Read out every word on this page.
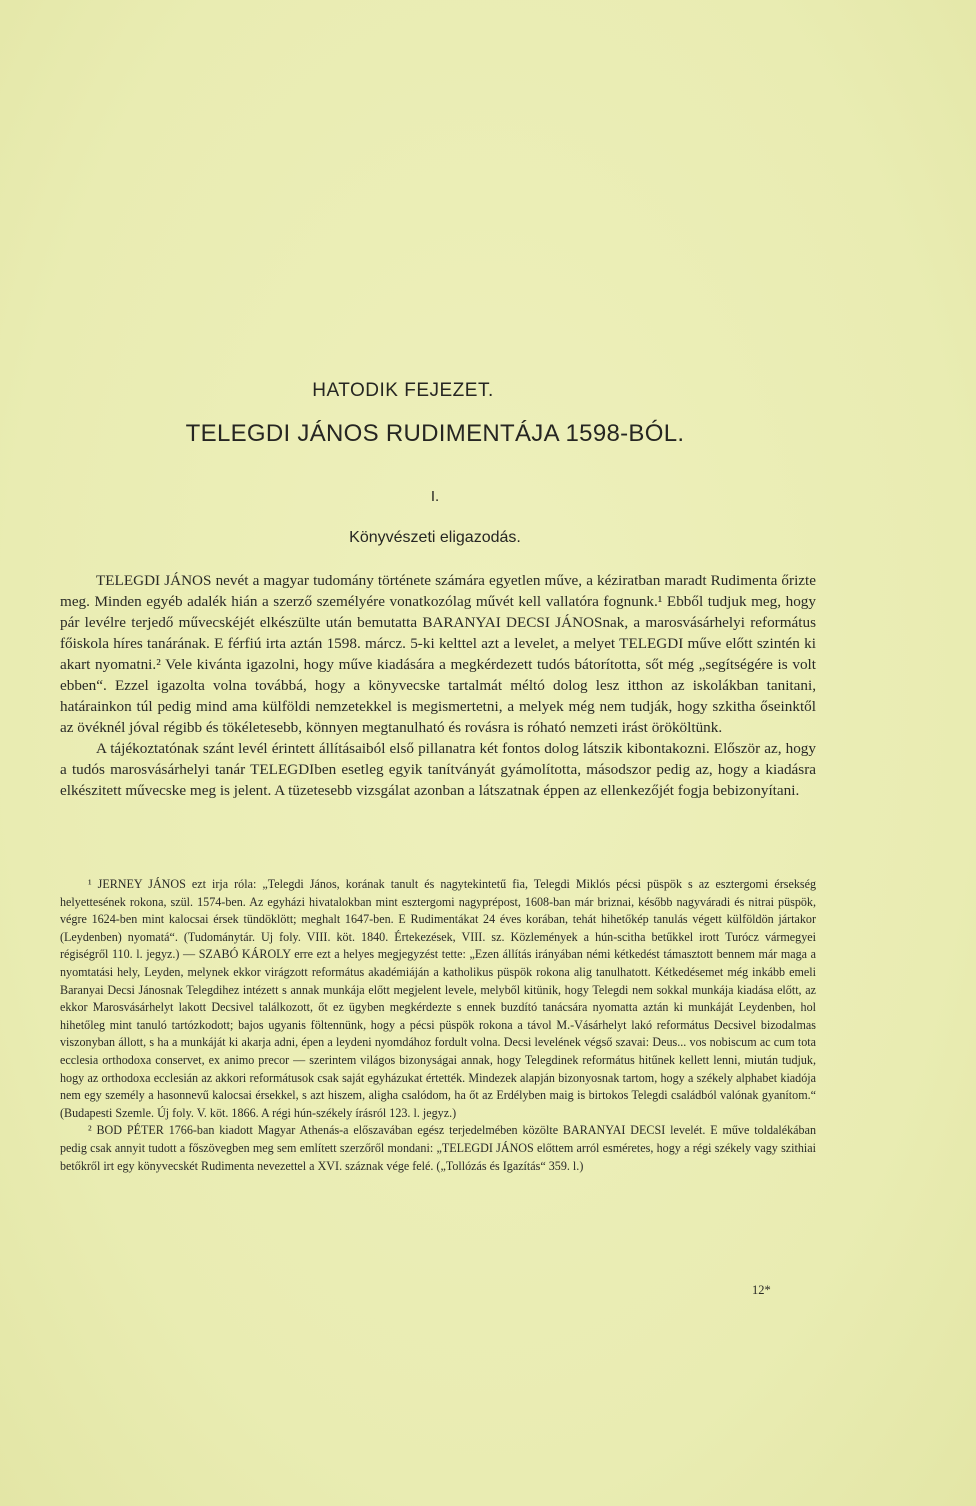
HATODIK FEJEZET.
TELEGDI JÁNOS RUDIMENTÁJA 1598-BÓL.
I.
Könyvészeti eligazodás.

TELEGDI JÁNOS nevét a magyar tudomány története számára egyetlen műve, a kéziratban maradt Rudimenta őrizte meg. Minden egyéb adalék hián a szerző személyére vonatkozólag művét kell vallatóra fognunk.¹ Ebből tudjuk meg, hogy pár levélre terjedő művecskéjét elkészülte után bemutatta BARANYAI DECSI JÁNOSnak, a marosvásárhelyi református főiskola híres tanárának. E férfiú irta aztán 1598. márcz. 5-ki kelttel azt a levelet, a melyet TELEGDI műve előtt szintén ki akart nyomatni.² Vele kivánta igazolni, hogy műve kiadására a megkérdezett tudós bátorította, sőt még „segítségére is volt ebben“. Ezzel igazolta volna továbbá, hogy a könyvecske tartalmát méltó dolog lesz itthon az iskolákban tanitani, határainkon túl pedig mind ama külföldi nemzetekkel is megismertetni, a melyek még nem tudják, hogy szkitha őseinktől az övéknél jóval régibb és tökéletesebb, könnyen megtanulható és rovásra is róható nemzeti irást örököltünk.

A tájékoztatónak szánt levél érintett állításaiból első pillanatra két fontos dolog látszik kibontakozni. Először az, hogy a tudós marosvásárhelyi tanár TELEGDIben esetleg egyik tanítványát gyámolította, másodszor pedig az, hogy a kiadásra elkészitett művecske meg is jelent. A tüzetesebb vizsgálat azonban a látszatnak éppen az ellenkezőjét fogja bebizonyítani.

¹ JERNEY JÁNOS ezt irja róla: „Telegdi János, korának tanult és nagytekintetű fia, Telegdi Miklós pécsi püspök s az esztergomi érsekség helyettesének rokona, szül. 1574-ben. Az egyházi hivatalokban mint esztergomi nagyprépost, 1608-ban már briznai, később nagyváradi és nitrai püspök, végre 1624-ben mint kalocsai érsek tündöklött; meghalt 1647-ben. E Rudimentákat 24 éves korában, tehát hihetőkép tanulás végett külföldön jártakor (Leydenben) nyomatá“. (Tudománytár. Uj foly. VIII. köt. 1840. Értekezések, VIII. sz. Közlemények a hún-scitha betűkkel irott Turócz vármegyei régiségről 110. l. jegyz.) — SZABÓ KÁROLY erre ezt a helyes megjegyzést tette: „Ezen állítás irányában némi kétkedést támasztott bennem már maga a nyomtatási hely, Leyden, melynek ekkor virágzott református akadémiáján a katholikus püspök rokona alig tanulhatott. Kétkedésemet még inkább emeli Baranyai Decsi Jánosnak Telegdihez intézett s annak munkája előtt megjelent levele, melyből kitünik, hogy Telegdi nem sokkal munkája kiadása előtt, az ekkor Marosvásárhelyt lakott Decsivel találkozott, őt ez ügyben megkérdezte s ennek buzdító tanácsára nyomatta aztán ki munkáját Leydenben, hol hihetőleg mint tanuló tartózkodott; bajos ugyanis föltennünk, hogy a pécsi püspök rokona a távol M.-Vásárhelyt lakó református Decsivel bizodalmas viszonyban állott, s ha a munkáját ki akarja adni, épen a leydeni nyomdához fordult volna. Decsi levelének végső szavai: Deus... vos nobiscum ac cum tota ecclesia orthodoxa conservet, ex animo precor — szerintem világos bizonyságai annak, hogy Telegdinek református hitűnek kellett lenni, miután tudjuk, hogy az orthodoxa ecclesián az akkori reformátusok csak saját egyházukat értették. Mindezek alapján bizonyosnak tartom, hogy a székely alphabet kiadója nem egy személy a hasonnevű kalocsai érsekkel, s azt hiszem, aligha csalódom, ha őt az Erdélyben maig is birtokos Telegdi családból valónak gyanítom.“ (Budapesti Szemle. Új foly. V. köt. 1866. A régi hún-székely írásról 123. l. jegyz.)

² BOD PÉTER 1766-ban kiadott Magyar Athenás-a előszavában egész terjedelmében közölte BARANYAI DECSI levelét. E műve toldalékában pedig csak annyit tudott a főszövegben meg sem említett szerzőről mondani: „TELEGDI JÁNOS előttem arról esméretes, hogy a régi székely vagy szithiai betőkről irt egy könyvecskét Rudimenta nevezettel a XVI. száznak vége felé. („Tollózás és Igazítás“ 359. l.)

12*
